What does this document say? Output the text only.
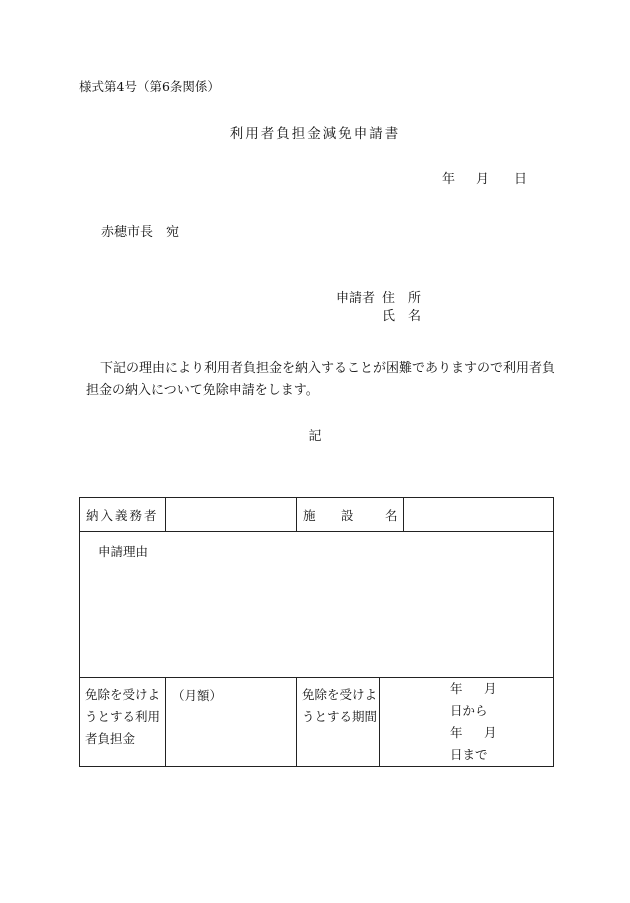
様式第4号（第6条関係）
利用者負担金減免申請書
年 月 日
赤穂市長　宛
申請者 住　所
氏　名
下記の理由により利用者負担金を納入することが困難でありますので利用者負担金の納入について免除申請をします。
記
納入義務者		施 設 名		
申請理由				
免除を受けようとする利用者負担金	（月額）	免除を受けようとする期間	年 月日から
年 月日まで	
